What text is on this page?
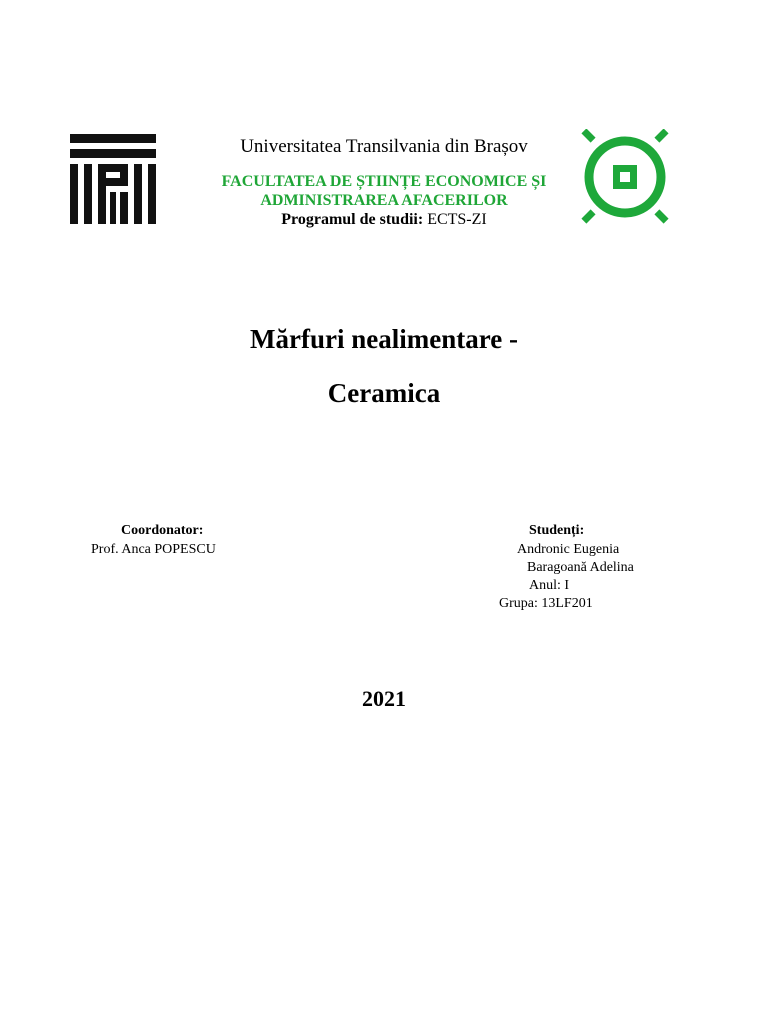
Universitatea Transilvania din Brașov

FACULTATEA DE ȘTIINȚE ECONOMICE ȘI

ADMINISTRAREA AFACERILOR

Programul de studii: ECTS-ZI

Mărfuri nealimentare -

Ceramica

Coordonator:
Prof. Anca POPESCU
Studenți:
Andronic Eugenia
Baragoană Adelina
Anul: I
Grupa: 13LF201
2021
